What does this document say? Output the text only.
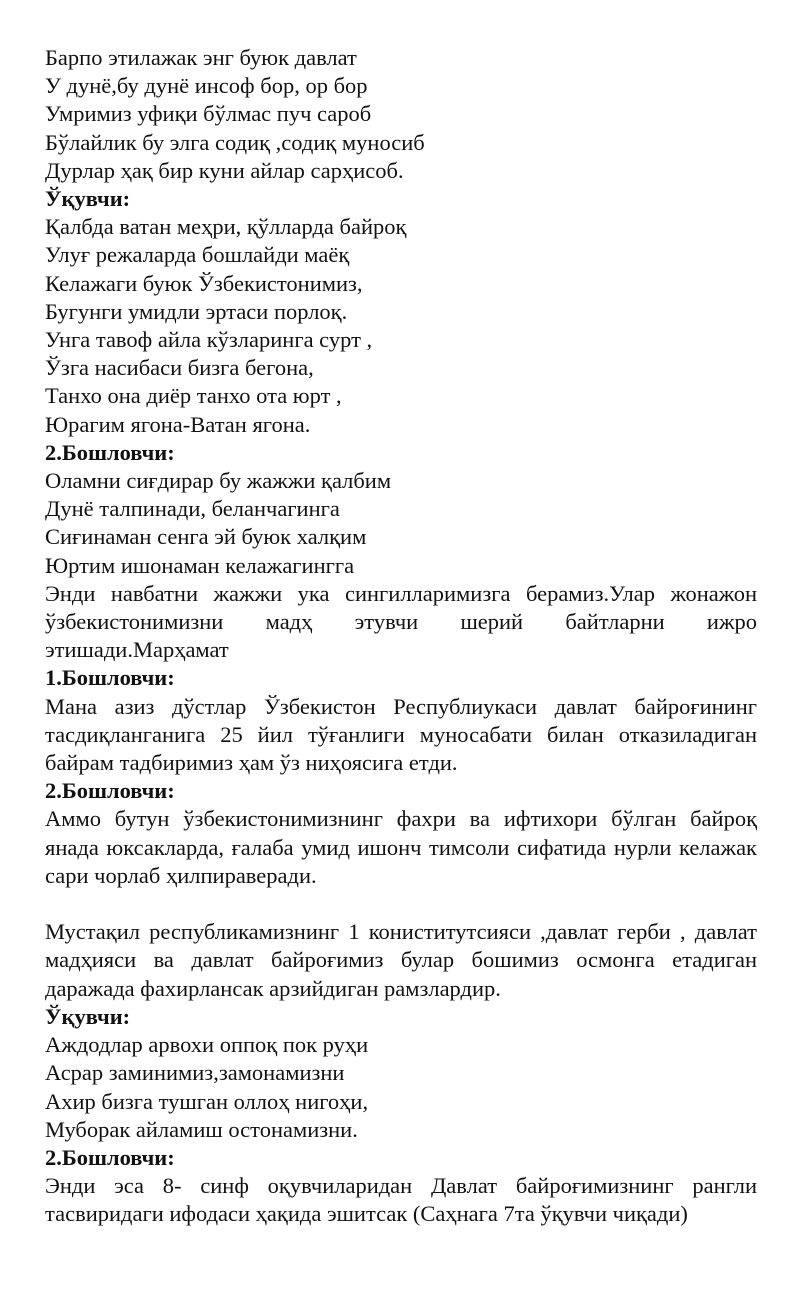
Барпо этилажак энг буюк давлат
У дунё,бу дунё инсоф бор, ор бор
Умримиз уфиқи бўлмас пуч сароб
Бўлайлик бу элга содиқ ,содиқ муносиб
Дурлар ҳақ бир куни айлар сарҳисоб.
Ўқувчи:
Қалбда ватан меҳри, қўлларда байроқ
Улуғ режаларда бошлайди маёқ
Келажаги буюк Ўзбекистонимиз,
Бугунги умидли эртаси порлоқ.
Унга тавоф айла кўзларинга сурт ,
Ўзга насибаси бизга бегона,
Танхо она диёр танхо ота юрт ,
Юрагим ягона-Ватан ягона.
2.Бошловчи:
Оламни сиғдирар бу жажжи қалбим
Дунё талпинади, беланчагинга
Сиғинаман сенга эй буюк халқим
Юртим ишонаман келажагингга
Энди навбатни жажжи ука сингилларимизга берамиз.Улар жонажон ўзбекистонимизни мадҳ этувчи шерий байтларни ижро этишади.Марҳамат
1.Бошловчи:
Мана азиз дўстлар Ўзбекистон Республиукаси давлат байроғининг тасдиқланганига 25 йил тўғанлиги муносабати билан отказиладиган байрам тадбиримиз ҳам ўз ниҳоясига етди.
2.Бошловчи:
Аммо бутун ўзбекистонимизнинг фахри ва ифтихори бўлган байроқ янада юксакларда, ғалаба умид ишонч тимсоли сифатида нурли келажак сари чорлаб ҳилпираверади.
Мустақил республикамизнинг 1 кониститутсияси ,давлат герби , давлат мадҳияси ва давлат байроғимиз булар бошимиз осмонга етадиган даражада фахирлансак арзийдиган рамзлардир.
Ўқувчи:
Аждодлар арвохи оппоқ пок руҳи
Асрар заминимиз,замонамизни
Ахир бизга тушган оллоҳ нигоҳи,
Муборак айламиш остонамизни.
2.Бошловчи:
Энди эса 8- синф оқувчиларидан Давлат байроғимизнинг рангли тасвиридаги ифодаси ҳақида эшитсак (Саҳнага 7та ўқувчи чиқади)
